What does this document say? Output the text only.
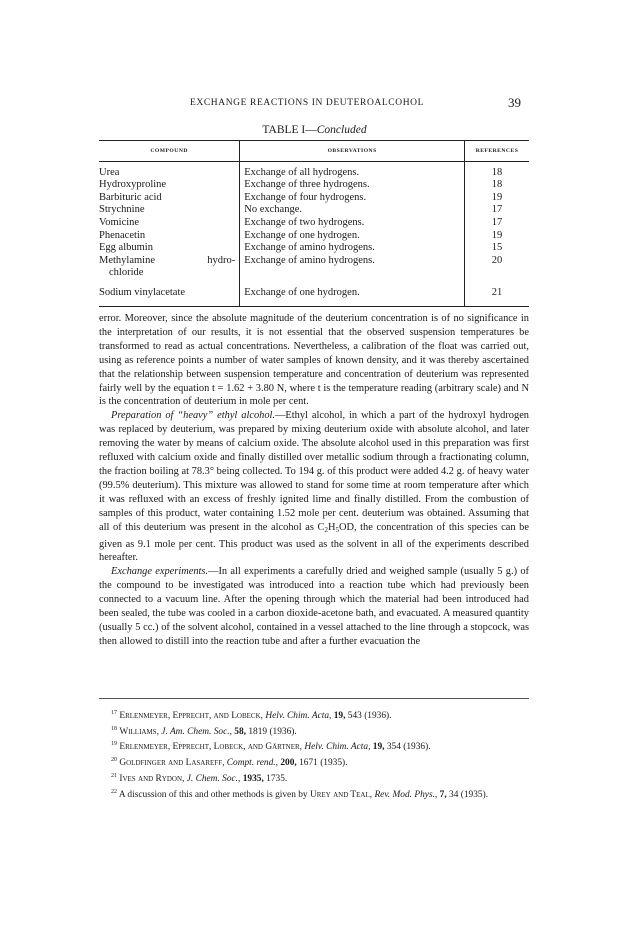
EXCHANGE REACTIONS IN DEUTEROALCOHOL	39
TABLE I—Concluded
COMPOUND	OBSERVATIONS	REFERENCES
Urea	Exchange of all hydrogens.	18
Hydroxyproline	Exchange of three hydrogens.	18
Barbituric acid	Exchange of four hydrogens.	19
Strychnine	No exchange.	17
Vomicine	Exchange of two hydrogens.	17
Phenacetin	Exchange of one hydrogen.	19
Egg albumin	Exchange of amino hydrogens.	15

Methylamine hydro-
chloride	Exchange of amino hydrogens.	20
Sodium vinylacetate	Exchange of one hydrogen.	21

error. Moreover, since the absolute magnitude of the deuterium concentration is of no significance in the interpretation of our results, it is not essential that the observed suspension temperatures be transformed to read as actual concentrations. Nevertheless, a calibration of the float was carried out, using as reference points a number of water samples of known density, and it was thereby ascertained that the relationship between suspension temperature and concentration of deuterium was represented fairly well by the equation t = 1.62 + 3.80 N, where t is the temperature reading (arbitrary scale) and N is the concentration of deuterium in mole per cent.

Preparation of “heavy” ethyl alcohol.—Ethyl alcohol, in which a part of the hydroxyl hydrogen was replaced by deuterium, was prepared by mixing deuterium oxide with absolute alcohol, and later removing the water by means of calcium oxide. The absolute alcohol used in this preparation was first refluxed with calcium oxide and finally distilled over metallic sodium through a fractionating column, the fraction boiling at 78.3° being collected. To 194 g. of this product were added 4.2 g. of heavy water (99.5% deuterium). This mixture was allowed to stand for some time at room temperature after which it was refluxed with an excess of freshly ignited lime and finally distilled. From the combustion of samples of this product, water containing 1.52 mole per cent. deuterium was obtained. Assuming that all of this deuterium was present in the alcohol as $C_2H_5OD$, the concentration of this species can be given as 9.1 mole per cent. This product was used as the solvent in all of the experiments described hereafter.

Exchange experiments.—In all experiments a carefully dried and weighed sample (usually 5 g.) of the compound to be investigated was introduced into a reaction tube which had previously been connected to a vacuum line. After the opening through which the material had been introduced had been sealed, the tube was cooled in a carbon dioxide-acetone bath, and evacuated. A measured quantity (usually 5 cc.) of the solvent alcohol, contained in a vessel attached to the line through a stopcock, was then allowed to distill into the reaction tube and after a further evacuation the

$^{17}$ Erlenmeyer, Epprecht, and Lobeck, Helv. Chim. Acta, 19, 543 (1936).
$^{18}$ Williams, J. Am. Chem. Soc., 58, 1819 (1936).
$^{19}$ Erlenmeyer, Epprecht, Lobeck, and Gärtner, Helv. Chim. Acta, 19, 354 (1936).
$^{20}$ Goldfinger and Lasareff, Compt. rend., 200, 1671 (1935).
$^{21}$ Ives and Rydon, J. Chem. Soc., 1935, 1735.
$^{22}$ A discussion of this and other methods is given by Urey and Teal, Rev. Mod. Phys., 7, 34 (1935).
